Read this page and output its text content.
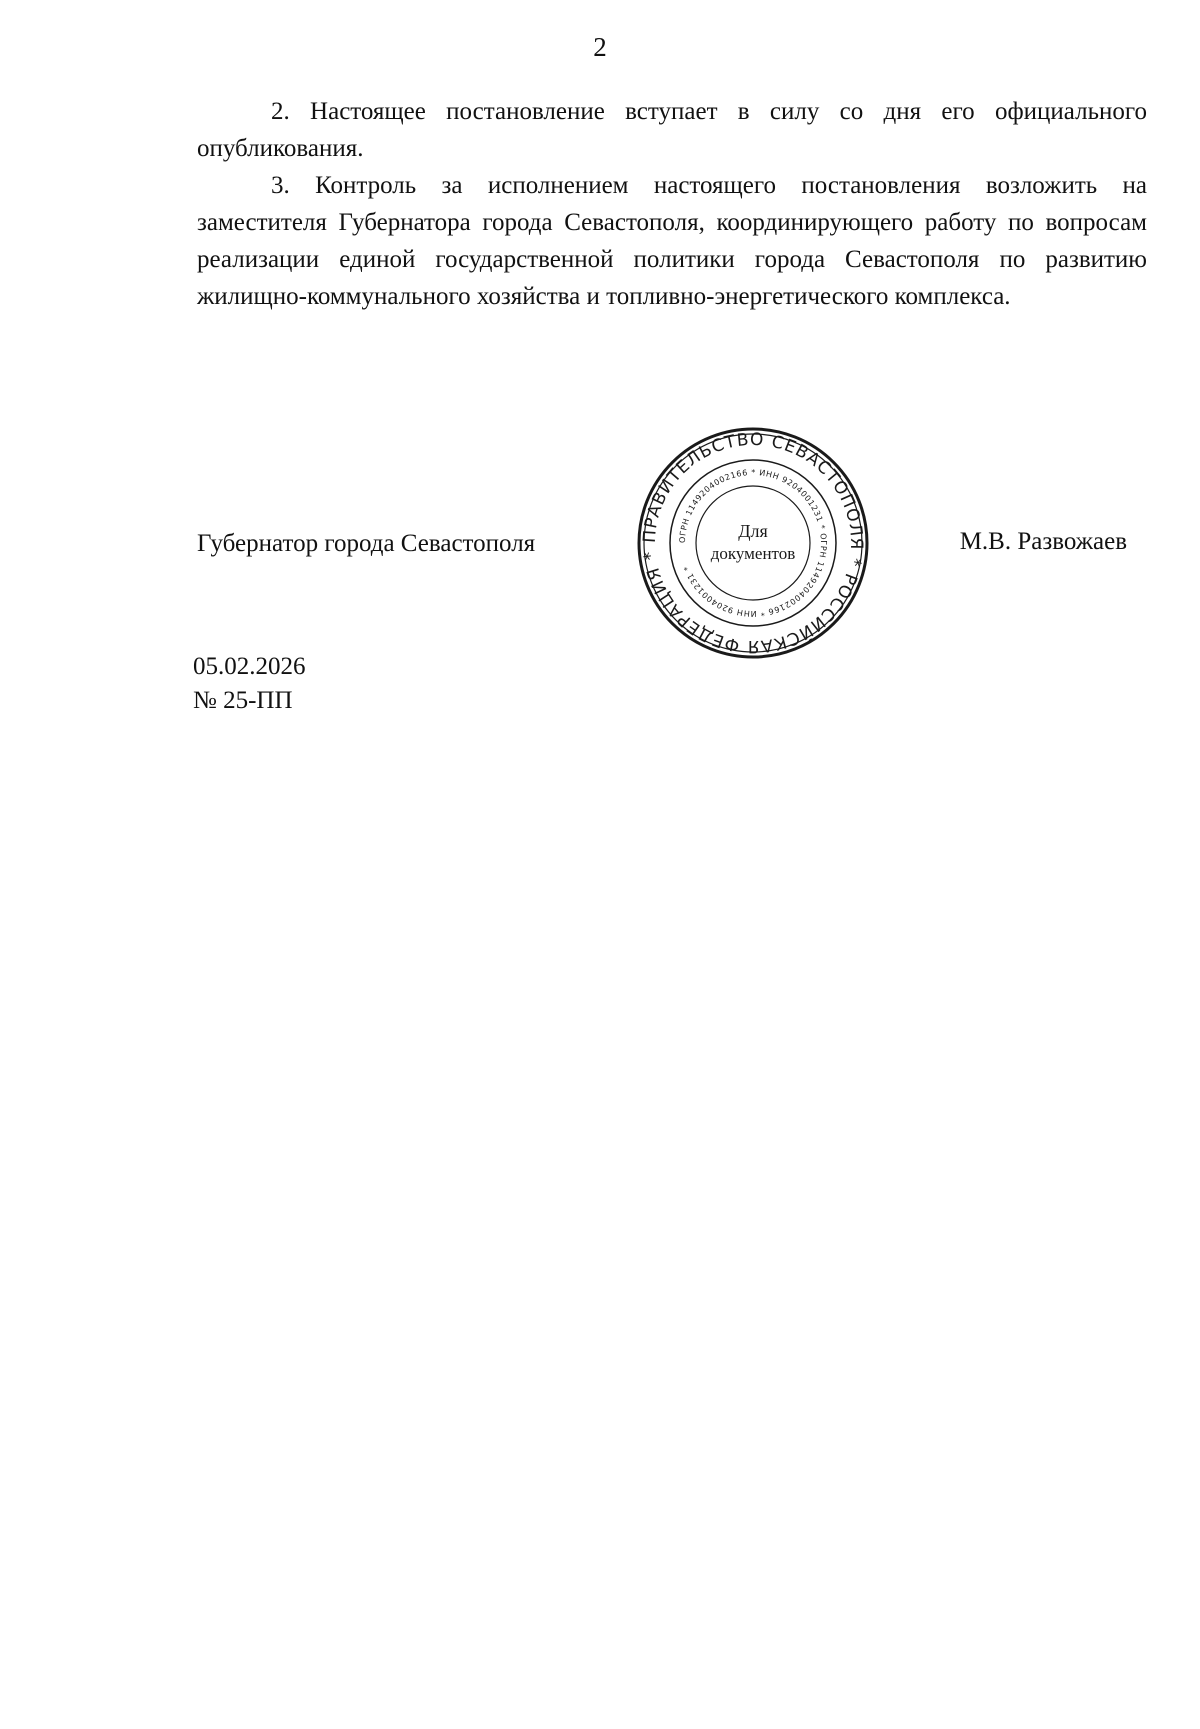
2

2. Настоящее постановление вступает в силу со дня его официального опубликования.

3. Контроль за исполнением настоящего постановления возложить на заместителя Губернатора города Севастополя, координирующего работу по вопросам реализации единой государственной политики города Севастополя по развитию жилищно-коммунального хозяйства и топливно-энергетического комплекса.

Губернатор города Севастополя	ПРАВИТЕЛЬСТВО СЕВАСТОПОЛЯ * РОССИЙСКАЯ ФЕДЕРАЦИЯ *
ОГРН 1149204002166 * ИНН 9204001231 * ОГРН 1149204002166 * ИНН 9204001231 *
Для
документов	М.В. Развожаев
05.02.2026
№ 25-ПП
